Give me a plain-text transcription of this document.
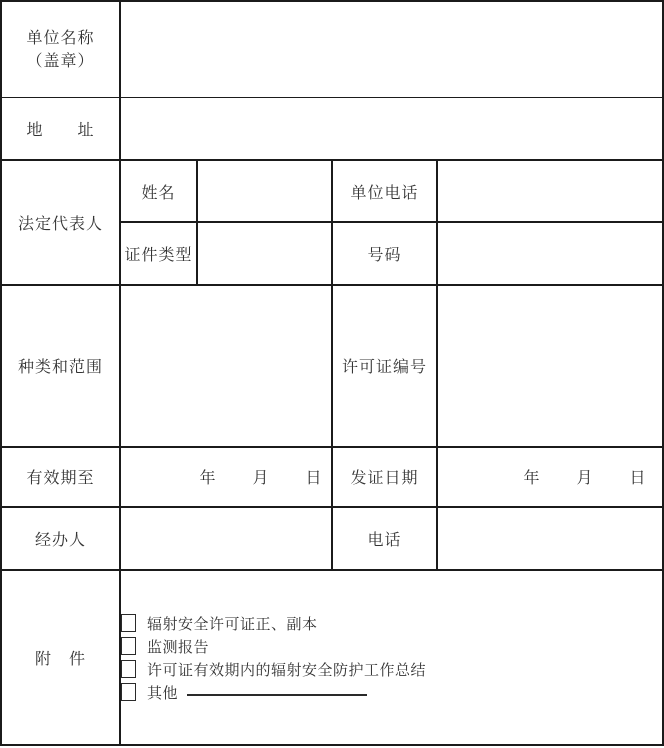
单位名称
（盖章）				

地　　址				
法定代表人	姓名		单位电话	
	证件类型		号码	
种类和范围			许可证编号	
有效期至	年 月 日		发证日期	年 月 日

经办人			电话	
附　件	辐射安全许可证正、副本
监测报告
许可证有效期内的辐射安全防护工作总结
其他			
